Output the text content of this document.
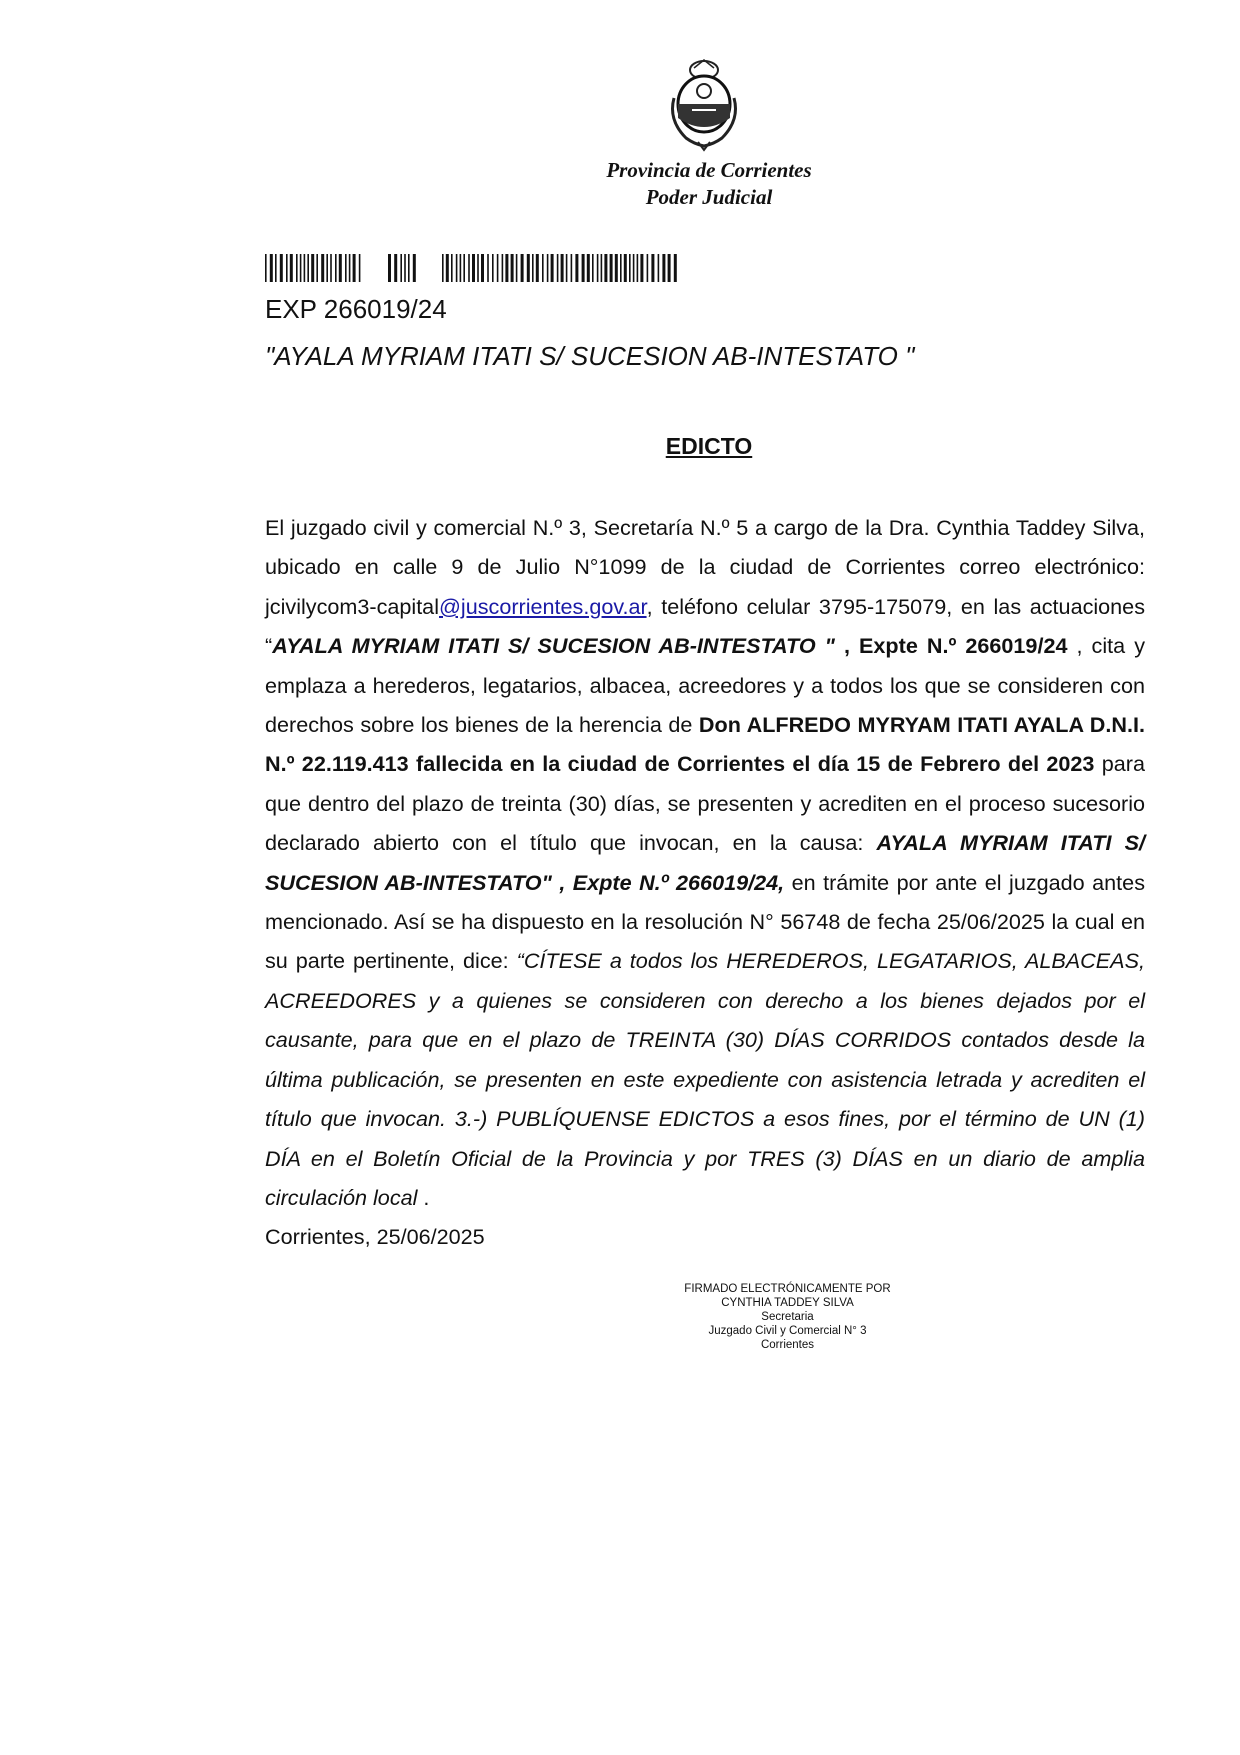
Provincia de Corrientes
Poder Judicial
EXP 266019/24
"AYALA MYRIAM ITATI S/ SUCESION AB-INTESTATO "
EDICTO
El juzgado civil y comercial N.º 3, Secretaría N.º 5 a cargo de la Dra. Cynthia Taddey Silva, ubicado en calle 9 de Julio N°1099 de la ciudad de Corrientes correo electrónico: jcivilycom3-capital@juscorrientes.gov.ar, teléfono celular 3795-175079, en las actuaciones “AYALA MYRIAM ITATI S/ SUCESION AB-INTESTATO " , Expte N.º 266019/24 , cita y emplaza a herederos, legatarios, albacea, acreedores y a todos los que se consideren con derechos sobre los bienes de la herencia de Don ALFREDO MYRYAM ITATI AYALA D.N.I. N.º 22.119.413 fallecida en la ciudad de Corrientes el día 15 de Febrero del 2023 para que dentro del plazo de treinta (30) días, se presenten y acrediten en el proceso sucesorio declarado abierto con el título que invocan, en la causa: AYALA MYRIAM ITATI S/ SUCESION AB-INTESTATO" , Expte N.º 266019/24, en trámite por ante el juzgado antes mencionado. Así se ha dispuesto en la resolución N° 56748 de fecha 25/06/2025 la cual en su parte pertinente, dice: “CÍTESE a todos los HEREDEROS, LEGATARIOS, ALBACEAS, ACREEDORES y a quienes se consideren con derecho a los bienes dejados por el causante, para que en el plazo de TREINTA (30) DÍAS CORRIDOS contados desde la última publicación, se presenten en este expediente con asistencia letrada y acrediten el título que invocan. 3.-) PUBLÍQUENSE EDICTOS a esos fines, por el término de UN (1) DÍA en el Boletín Oficial de la Provincia y por TRES (3) DÍAS en un diario de amplia circulación local .
Corrientes, 25/06/2025
FIRMADO ELECTRÓNICAMENTE POR
CYNTHIA TADDEY SILVA
Secretaria
Juzgado Civil y Comercial N° 3
Corrientes
